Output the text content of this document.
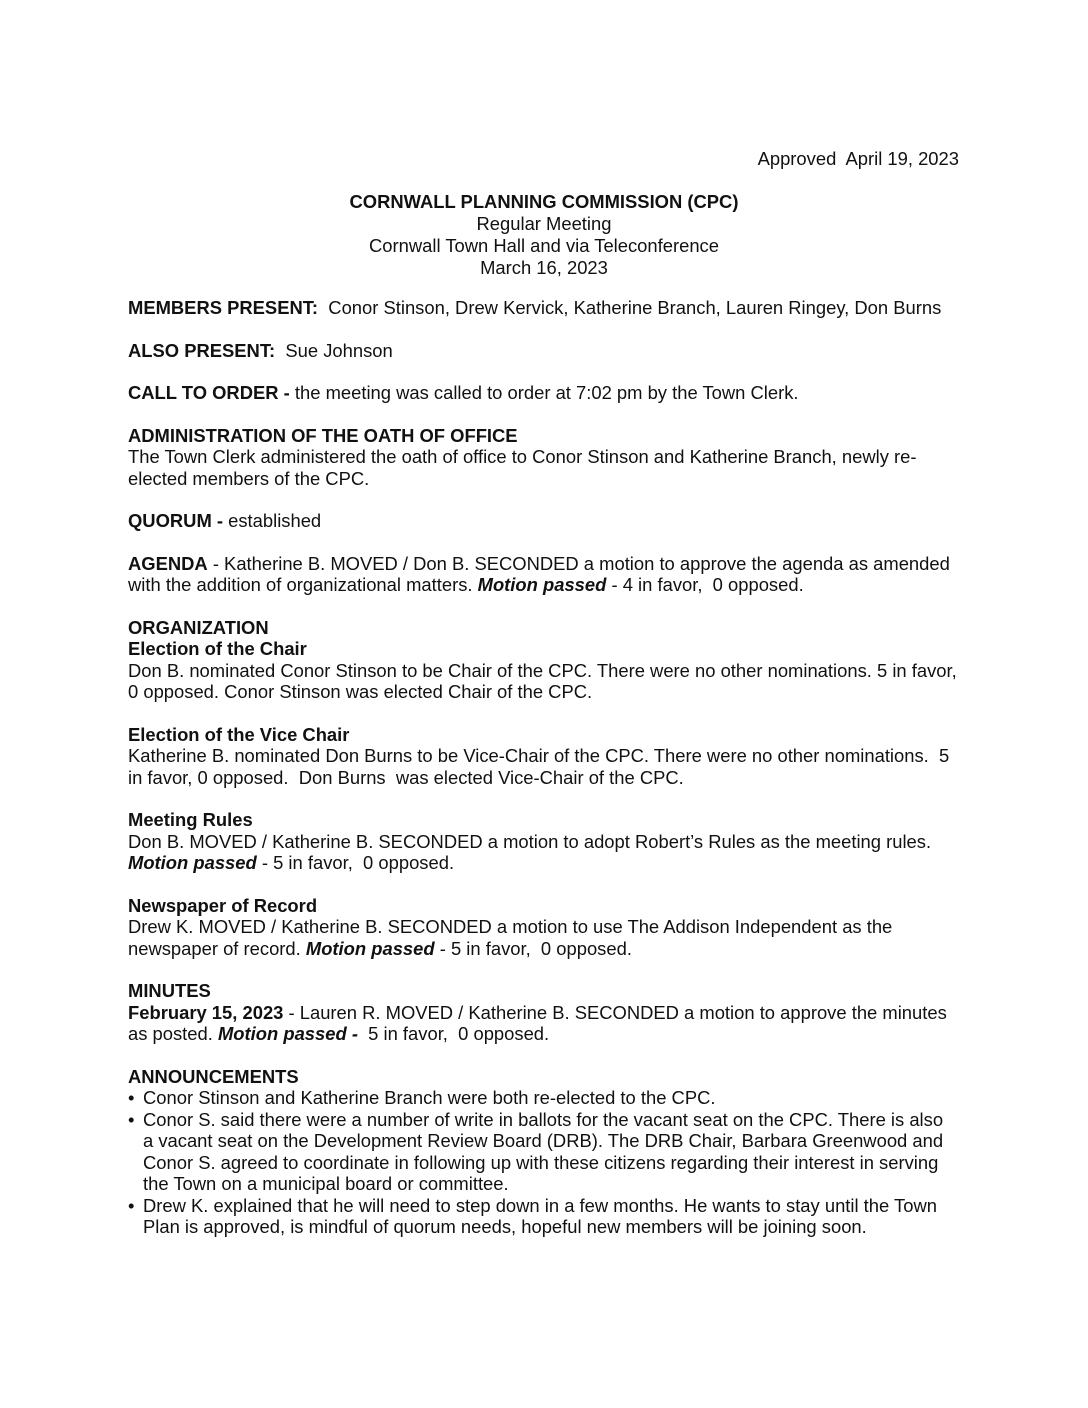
Approved  April 19, 2023
CORNWALL PLANNING COMMISSION (CPC)
Regular Meeting
Cornwall Town Hall and via Teleconference
March 16, 2023

MEMBERS PRESENT:  Conor Stinson, Drew Kervick, Katherine Branch, Lauren Ringey, Don Burns

ALSO PRESENT:  Sue Johnson

CALL TO ORDER - the meeting was called to order at 7:02 pm by the Town Clerk.

ADMINISTRATION OF THE OATH OF OFFICE

The Town Clerk administered the oath of office to Conor Stinson and Katherine Branch, newly re-elected members of the CPC.

QUORUM - established

AGENDA - Katherine B. MOVED / Don B. SECONDED a motion to approve the agenda as amended with the addition of organizational matters. Motion passed - 4 in favor,  0 opposed.

ORGANIZATION
Election of the Chair

Don B. nominated Conor Stinson to be Chair of the CPC. There were no other nominations. 5 in favor, 0 opposed. Conor Stinson was elected Chair of the CPC.

Election of the Vice Chair

Katherine B. nominated Don Burns to be Vice-Chair of the CPC. There were no other nominations.  5 in favor, 0 opposed.  Don Burns  was elected Vice-Chair of the CPC.

Meeting Rules

Don B. MOVED / Katherine B. SECONDED a motion to adopt Robert’s Rules as the meeting rules. Motion passed - 5 in favor,  0 opposed.

Newspaper of Record

Drew K. MOVED / Katherine B. SECONDED a motion to use The Addison Independent as the newspaper of record. Motion passed - 5 in favor,  0 opposed.

MINUTES

February 15, 2023 - Lauren R. MOVED / Katherine B. SECONDED a motion to approve the minutes as posted. Motion passed -  5 in favor,  0 opposed.

ANNOUNCEMENTS
• Conor Stinson and Katherine Branch were both re-elected to the CPC.
• Conor S. said there were a number of write in ballots for the vacant seat on the CPC. There is also a vacant seat on the Development Review Board (DRB). The DRB Chair, Barbara Greenwood and Conor S. agreed to coordinate in following up with these citizens regarding their interest in serving the Town on a municipal board or committee.
• Drew K. explained that he will need to step down in a few months. He wants to stay until the Town Plan is approved, is mindful of quorum needs, hopeful new members will be joining soon.
